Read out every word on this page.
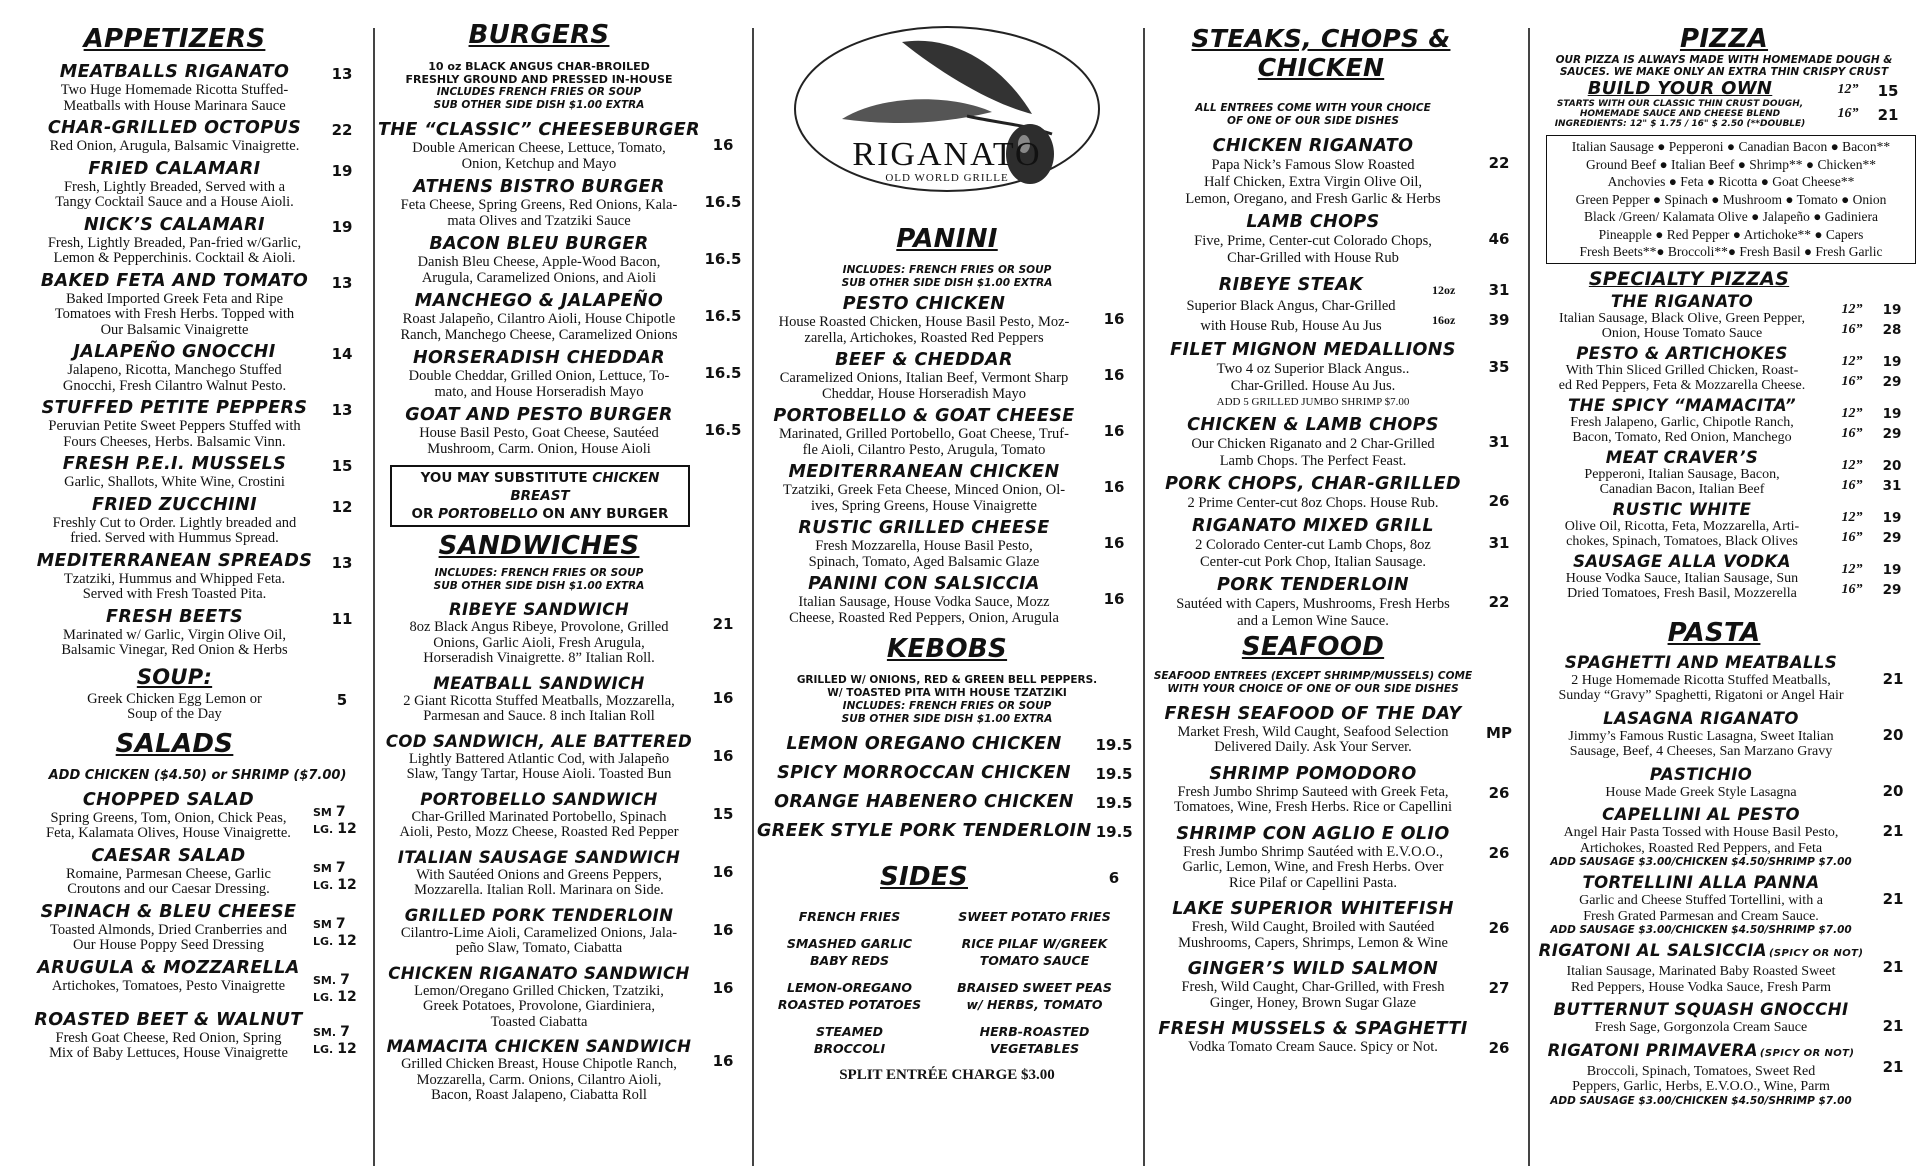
APPETIZERS
MEATBALLS RIGANATO
Two Huge Homemade Ricotta Stuffed-
Meatballs with House Marinara Sauce
13
CHAR-GRILLED OCTOPUS
Red Onion, Arugula, Balsamic Vinaigrette.
22
FRIED CALAMARI
Fresh, Lightly Breaded, Served with a
Tangy Cocktail Sauce and a House Aioli.
19
NICK’S CALAMARI
Fresh, Lightly Breaded, Pan-fried w/Garlic,
Lemon & Pepperchinis. Cocktail & Aioli.
19
BAKED FETA AND TOMATO
Baked Imported Greek Feta and Ripe
Tomatoes with Fresh Herbs. Topped with
Our Balsamic Vinaigrette
13
JALAPEÑO GNOCCHI
Jalapeno, Ricotta, Manchego Stuffed
Gnocchi, Fresh Cilantro Walnut Pesto.
14
STUFFED PETITE PEPPERS
Peruvian Petite Sweet Peppers Stuffed with
Fours Cheeses, Herbs. Balsamic Vinn.
13
FRESH P.E.I. MUSSELS
Garlic, Shallots, White Wine, Crostini
15
FRIED ZUCCHINI
Freshly Cut to Order. Lightly breaded and
fried. Served with Hummus Spread.
12
MEDITERRANEAN SPREADS
Tzatziki, Hummus and Whipped Feta.
Served with Fresh Toasted Pita.
13
FRESH BEETS
Marinated w/ Garlic, Virgin Olive Oil,
Balsamic Vinegar, Red Onion & Herbs
11
SOUP:
Greek Chicken Egg Lemon or
Soup of the Day
5
SALADS
ADD CHICKEN ($4.50) or SHRIMP ($7.00)
CHOPPED SALAD
Spring Greens, Tom, Onion, Chick Peas,
Feta, Kalamata Olives, House Vinaigrette.
SM 7
LG. 12
CAESAR SALAD
Romaine, Parmesan Cheese, Garlic
Croutons and our Caesar Dressing.
SM 7
LG. 12
SPINACH & BLEU CHEESE
Toasted Almonds, Dried Cranberries and
Our House Poppy Seed Dressing
SM 7
LG. 12
ARUGULA & MOZZARELLA
Artichokes, Tomatoes, Pesto Vinaigrette	SM. 7
LG. 12
ROASTED BEET & WALNUT
Fresh Goat Cheese, Red Onion, Spring
Mix of Baby Lettuces, House Vinaigrette
SM. 7
LG. 12
BURGERS
10 oz BLACK ANGUS CHAR-BROILED
FRESHLY GROUND AND PRESSED IN-HOUSE
INCLUDES FRENCH FRIES OR SOUP
SUB OTHER SIDE DISH $1.00 EXTRA
THE “CLASSIC” CHEESEBURGER
Double American Cheese, Lettuce, Tomato,
Onion, Ketchup and Mayo
16
ATHENS BISTRO BURGER
Feta Cheese, Spring Greens, Red Onions, Kala-
mata Olives and Tzatziki Sauce
16.5
BACON BLEU BURGER
Danish Bleu Cheese, Apple-Wood Bacon,
Arugula, Caramelized Onions, and Aioli
16.5
MANCHEGO & JALAPEÑO
Roast Jalapeño, Cilantro Aioli, House Chipotle
Ranch, Manchego Cheese, Caramelized Onions
16.5
HORSERADISH CHEDDAR
Double Cheddar, Grilled Onion, Lettuce, To-
mato, and House Horseradish Mayo
16.5
GOAT AND PESTO BURGER
House Basil Pesto, Goat Cheese, Sautéed
Mushroom, Carm. Onion, House Aioli
16.5
YOU MAY SUBSTITUTE CHICKEN BREAST
OR PORTOBELLO ON ANY BURGER
SANDWICHES
INCLUDES: FRENCH FRIES OR SOUP
SUB OTHER SIDE DISH $1.00 EXTRA
RIBEYE SANDWICH
8oz Black Angus Ribeye, Provolone, Grilled
Onions, Garlic Aioli, Fresh Arugula,
Horseradish Vinaigrette. 8” Italian Roll.
21
MEATBALL SANDWICH
2 Giant Ricotta Stuffed Meatballs, Mozzarella,
Parmesan and Sauce. 8 inch Italian Roll
16
COD SANDWICH, ALE BATTERED
Lightly Battered Atlantic Cod, with Jalapeño
Slaw, Tangy Tartar, House Aioli. Toasted Bun
16
PORTOBELLO SANDWICH
Char-Grilled Marinated Portobello, Spinach
Aioli, Pesto, Mozz Cheese, Roasted Red Pepper
15
ITALIAN SAUSAGE SANDWICH
With Sautéed Onions and Greens Peppers,
Mozzarella. Italian Roll. Marinara on Side.
16
GRILLED PORK TENDERLOIN
Cilantro-Lime Aioli, Caramelized Onions, Jala-
peño Slaw, Tomato, Ciabatta
16
CHICKEN RIGANATO SANDWICH
Lemon/Oregano Grilled Chicken, Tzatziki,
Greek Potatoes, Provolone, Giardiniera,
Toasted Ciabatta
16
MAMACITA CHICKEN SANDWICH
Grilled Chicken Breast, House Chipotle Ranch,
Mozzarella, Carm. Onions, Cilantro Aioli,
Bacon, Roast Jalapeno, Ciabatta Roll
16
RIGANATO
OLD WORLD GRILLE
PANINI
INCLUDES: FRENCH FRIES OR SOUP
SUB OTHER SIDE DISH $1.00 EXTRA
PESTO CHICKEN
House Roasted Chicken, House Basil Pesto, Moz-
zarella, Artichokes, Roasted Red Peppers
16
BEEF & CHEDDAR
Caramelized Onions, Italian Beef, Vermont Sharp
Cheddar, House Horseradish Mayo
16
PORTOBELLO & GOAT CHEESE
Marinated, Grilled Portobello, Goat Cheese, Truf-
fle Aioli, Cilantro Pesto, Arugula, Tomato
16
MEDITERRANEAN CHICKEN
Tzatziki, Greek Feta Cheese, Minced Onion, Ol-
ives, Spring Greens, House Vinaigrette
16
RUSTIC GRILLED CHEESE
Fresh Mozzarella, House Basil Pesto,
Spinach, Tomato, Aged Balsamic Glaze
16
PANINI CON SALSICCIA
Italian Sausage, House Vodka Sauce, Mozz
Cheese, Roasted Red Peppers, Onion, Arugula
16
KEBOBS
GRILLED W/ ONIONS, RED & GREEN BELL PEPPERS.
W/ TOASTED PITA WITH HOUSE TZATZIKI
INCLUDES: FRENCH FRIES OR SOUP
SUB OTHER SIDE DISH $1.00 EXTRA
LEMON OREGANO CHICKEN	19.5
SPICY MORROCCAN CHICKEN	19.5
ORANGE HABENERO CHICKEN	19.5
GREEK STYLE PORK TENDERLOIN 19.5
SIDES	6
FRENCH FRIES	SWEET POTATO FRIES
SMASHED GARLIC
BABY REDS
RICE PILAF W/GREEK
TOMATO SAUCE
LEMON-OREGANO
ROASTED POTATOES
BRAISED SWEET PEAS
w/ HERBS, TOMATO
STEAMED
BROCCOLI
HERB-ROASTED
VEGETABLES
SPLIT ENTRÉE CHARGE $3.00
STEAKS, CHOPS &
CHICKEN
ALL ENTREES COME WITH YOUR CHOICE
OF ONE OF OUR SIDE DISHES
CHICKEN RIGANATO
Papa Nick’s Famous Slow Roasted
Half Chicken, Extra Virgin Olive Oil,
Lemon, Oregano, and Fresh Garlic & Herbs
22
LAMB CHOPS
Five, Prime, Center-cut Colorado Chops,
Char-Grilled with House Rub
46
RIBEYE STEAK
Superior Black Angus, Char-Grilled
with House Rub, House Au Jus
12oz
16oz
31
39
FILET MIGNON MEDALLIONS
Two 4 oz Superior Black Angus..
Char-Grilled. House Au Jus.
ADD 5 GRILLED JUMBO SHRIMP $7.00
35
CHICKEN & LAMB CHOPS
Our Chicken Riganato and 2 Char-Grilled
Lamb Chops. The Perfect Feast.
31
PORK CHOPS, CHAR-GRILLED
2 Prime Center-cut 8oz Chops. House Rub.	26
RIGANATO MIXED GRILL
2 Colorado Center-cut Lamb Chops, 8oz
Center-cut Pork Chop, Italian Sausage.
31
PORK TENDERLOIN
Sautéed with Capers, Mushrooms, Fresh Herbs
and a Lemon Wine Sauce.
22
SEAFOOD
SEAFOOD ENTREES (EXCEPT SHRIMP/MUSSELS) COME
WITH YOUR CHOICE OF ONE OF OUR SIDE DISHES
FRESH SEAFOOD OF THE DAY
Market Fresh, Wild Caught, Seafood Selection
Delivered Daily. Ask Your Server.
MP
SHRIMP POMODORO
Fresh Jumbo Shrimp Sauteed with Greek Feta,
Tomatoes, Wine, Fresh Herbs. Rice or Capellini
26
SHRIMP CON AGLIO E OLIO
Fresh Jumbo Shrimp Sautéed with E.V.O.O.,
Garlic, Lemon, Wine, and Fresh Herbs. Over
Rice Pilaf or Capellini Pasta.
26
LAKE SUPERIOR WHITEFISH
Fresh, Wild Caught, Broiled with Sautéed
Mushrooms, Capers, Shrimps, Lemon & Wine
26
GINGER’S WILD SALMON
Fresh, Wild Caught, Char-Grilled, with Fresh
Ginger, Honey, Brown Sugar Glaze
27
FRESH MUSSELS & SPAGHETTI
Vodka Tomato Cream Sauce. Spicy or Not.	26
PIZZA
OUR PIZZA IS ALWAYS MADE WITH HOMEMADE DOUGH &
SAUCES. WE MAKE ONLY AN EXTRA THIN CRISPY CRUST
BUILD YOUR OWN
STARTS WITH OUR CLASSIC THIN CRUST DOUGH,
HOMEMADE SAUCE AND CHEESE BLEND
INGREDIENTS: 12" $ 1.75 / 16" $ 2.50 (**DOUBLE)
12”	15
16”	21
Italian Sausage ● Pepperoni ● Canadian Bacon ● Bacon**
Ground Beef ● Italian Beef ● Shrimp** ● Chicken**
Anchovies ● Feta ● Ricotta ● Goat Cheese**
Green Pepper ● Spinach ● Mushroom ● Tomato ● Onion
Black /Green/ Kalamata Olive ● Jalapeño ● Gadiniera
Pineapple ● Red Pepper ● Artichoke** ● Capers
Fresh Beets**● Broccoli**● Fresh Basil ● Fresh Garlic
SPECIALTY PIZZAS
THE RIGANATO
Italian Sausage, Black Olive, Green Pepper,
Onion, House Tomato Sauce
12”	19
16”	28
PESTO & ARTICHOKES
With Thin Sliced Grilled Chicken, Roast-
ed Red Peppers, Feta & Mozzarella Cheese.
12”	19
16”	29
THE SPICY “MAMACITA”
Fresh Jalapeno, Garlic, Chipotle Ranch,
Bacon, Tomato, Red Onion, Manchego
12”	19
16”	29
MEAT CRAVER’S
Pepperoni, Italian Sausage, Bacon,
Canadian Bacon, Italian Beef
12”	20
16”	31
RUSTIC WHITE
Olive Oil, Ricotta, Feta, Mozzarella, Arti-
chokes, Spinach, Tomatoes, Black Olives
12”	19
16”	29
SAUSAGE ALLA VODKA
House Vodka Sauce, Italian Sausage, Sun
Dried Tomatoes, Fresh Basil, Mozzerella
12”	19
16”	29
PASTA
SPAGHETTI AND MEATBALLS
2 Huge Homemade Ricotta Stuffed Meatballs,
Sunday “Gravy” Spaghetti, Rigatoni or Angel Hair
21
LASAGNA RIGANATO
Jimmy’s Famous Rustic Lasagna, Sweet Italian
Sausage, Beef, 4 Cheeses, San Marzano Gravy
20
PASTICHIO
House Made Greek Style Lasagna	20
CAPELLINI AL PESTO
Angel Hair Pasta Tossed with House Basil Pesto,
Artichokes, Roasted Red Peppers, and Feta
ADD SAUSAGE $3.00/CHICKEN $4.50/SHRIMP $7.00
21
TORTELLINI ALLA PANNA
Garlic and Cheese Stuffed Tortellini, with a
Fresh Grated Parmesan and Cream Sauce.
ADD SAUSAGE $3.00/CHICKEN $4.50/SHRIMP $7.00
21
RIGATONI AL SALSICCIA (SPICY OR NOT)
Italian Sausage, Marinated Baby Roasted Sweet
Red Peppers, House Vodka Sauce, Fresh Parm
21
BUTTERNUT SQUASH GNOCCHI
Fresh Sage, Gorgonzola Cream Sauce	21
RIGATONI PRIMAVERA (SPICY OR NOT)
Broccoli, Spinach, Tomatoes, Sweet Red
Peppers, Garlic, Herbs, E.V.O.O., Wine, Parm
ADD SAUSAGE $3.00/CHICKEN $4.50/SHRIMP $7.00
21
